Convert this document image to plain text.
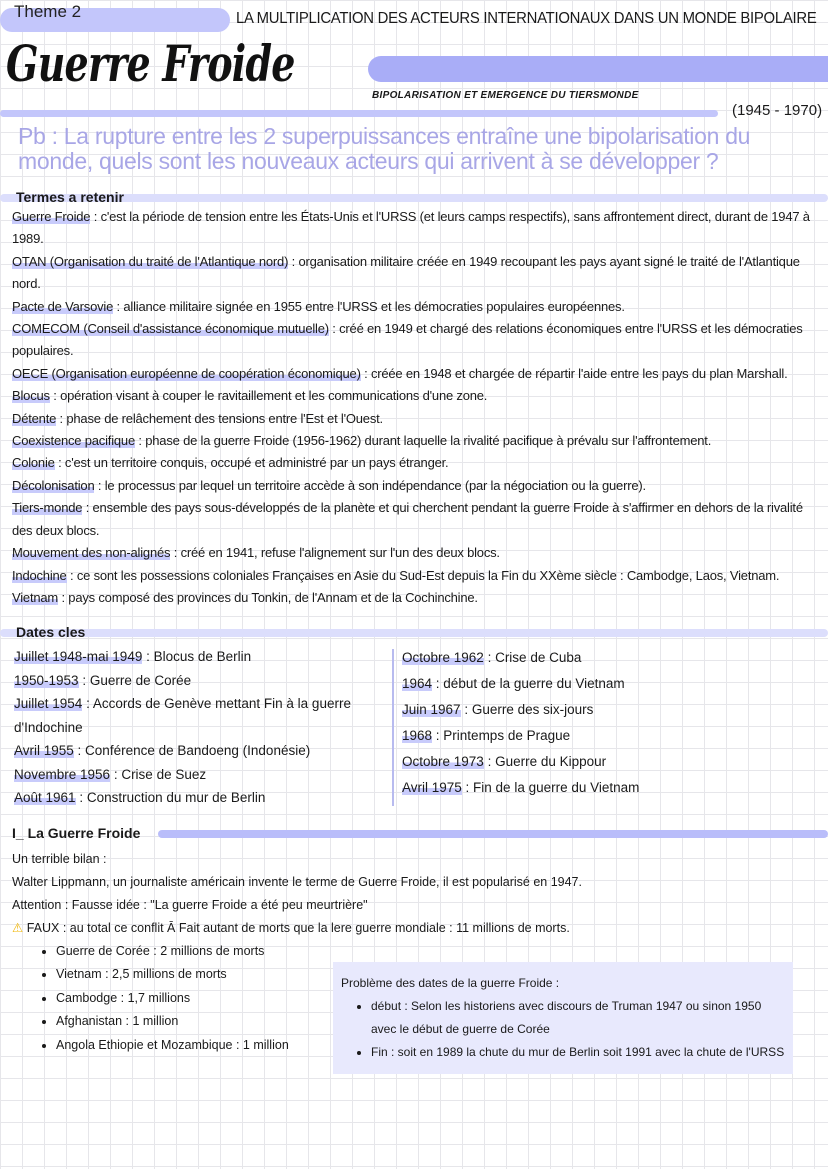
Theme 2	LA MULTIPLICATION DES ACTEURS INTERNATIONAUX DANS UN MONDE BIPOLAIRE
Guerre Froide
BIPOLARISATION ET EMERGENCE DU TIERSMONDE
(1945 - 1970)
Pb : La rupture entre les 2 superpuissances entraîne une bipolarisation du monde, quels sont les nouveaux acteurs qui arrivent à se développer ?
Termes a retenir
Guerre Froide : c'est la période de tension entre les États-Unis et l'URSS (et leurs camps respectifs), sans affrontement direct, durant de 1947 à 1989.
OTAN (Organisation du traité de l'Atlantique nord) : organisation militaire créée en 1949 recoupant les pays ayant signé le traité de l'Atlantique nord.
Pacte de Varsovie : alliance militaire signée en 1955 entre l'URSS et les démocraties populaires européennes.
COMECOM (Conseil d'assistance économique mutuelle) : créé en 1949 et chargé des relations économiques entre l'URSS et les démocraties populaires.
OECE (Organisation européenne de coopération économique) : créée en 1948 et chargée de répartir l'aide entre les pays du plan Marshall.
Blocus : opération visant à couper le ravitaillement et les communications d'une zone.
Détente : phase de relâchement des tensions entre l'Est et l'Ouest.
Coexistence pacifique : phase de la guerre Froide (1956-1962) durant laquelle la rivalité pacifique à prévalu sur l'affrontement.
Colonie : c'est un territoire conquis, occupé et administré par un pays étranger.
Décolonisation : le processus par lequel un territoire accède à son indépendance (par la négociation ou la guerre).
Tiers-monde : ensemble des pays sous-développés de la planète et qui cherchent pendant la guerre Froide à s'affirmer en dehors de la rivalité des deux blocs.
Mouvement des non-alignés : créé en 1941, refuse l'alignement sur l'un des deux blocs.
Indochine : ce sont les possessions coloniales Françaises en Asie du Sud-Est depuis la Fin du XXème siècle : Cambodge, Laos, Vietnam.
Vietnam : pays composé des provinces du Tonkin, de l'Annam et de la Cochinchine.
Dates cles
Juillet 1948-mai 1949 : Blocus de Berlin
1950-1953 : Guerre de Corée
Juillet 1954 : Accords de Genève mettant Fin à la guerre d'Indochine
Avril 1955 : Conférence de Bandoeng (Indonésie)
Novembre 1956 : Crise de Suez
Août 1961 : Construction du mur de Berlin
Octobre 1962 : Crise de Cuba
1964 : début de la guerre du Vietnam
Juin 1967 : Guerre des six-jours
1968 : Printemps de Prague
Octobre 1973 : Guerre du Kippour
Avril 1975 : Fin de la guerre du Vietnam
I_ La Guerre Froide
Un terrible bilan :
Walter Lippmann, un journaliste américain invente le terme de Guerre Froide, il est popularisé en 1947.
Attention : Fausse idée : "La guerre Froide a été peu meurtrière"
⚠ FAUX : au total ce conflit Ā Fait autant de morts que la lere guerre mondiale : 11 millions de morts.
• Guerre de Corée : 2 millions de morts
• Vietnam : 2,5 millions de morts
• Cambodge : 1,7 millions
• Afghanistan : 1 million
• Angola Ethiopie et Mozambique : 1 million
Problème des dates de la guerre Froide :
• début : Selon les historiens avec discours de Truman 1947 ou sinon 1950 avec le début de guerre de Corée
• Fin : soit en 1989 la chute du mur de Berlin soit 1991 avec la chute de l'URSS
